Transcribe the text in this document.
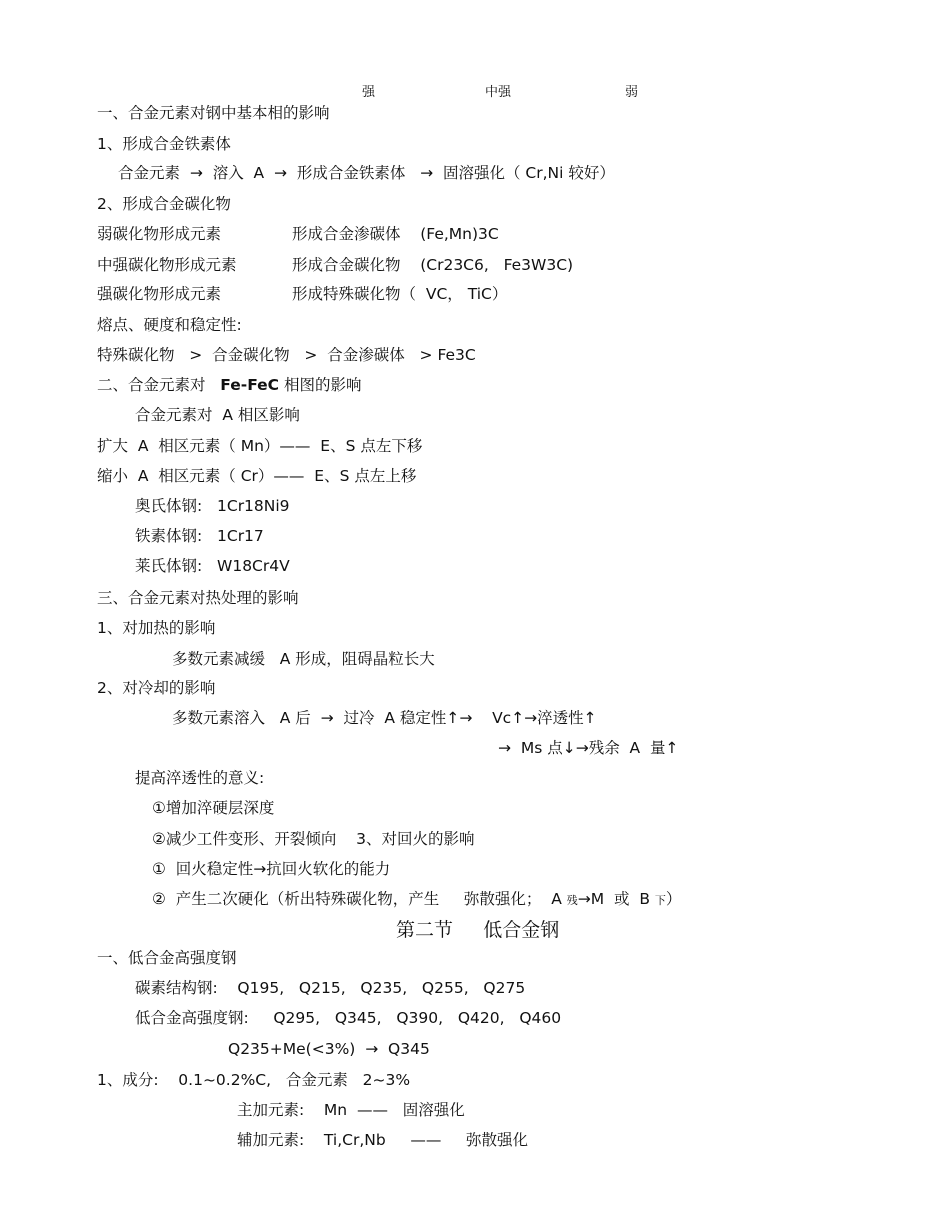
强	中强	弱
一、合金元素对钢中基本相的影响
1、形成合金铁素体
合金元素  →  溶入  A  →  形成合金铁素体   →  固溶强化（ Cr,Ni 较好）
2、形成合金碳化物
弱碳化物形成元素	形成合金渗碳体    (Fe,Mn)3C
中强碳化物形成元素	形成合金碳化物    (Cr23C6,   Fe3W3C)
强碳化物形成元素	形成特殊碳化物（  VC， TiC）
熔点、硬度和稳定性:
特殊碳化物   >  合金碳化物   >  合金渗碳体   > Fe3C
二、合金元素对   Fe-FeC 相图的影响
合金元素对  A 相区影响
扩大  A  相区元素（ Mn）——  E、S 点左下移
缩小  A  相区元素（ Cr）——  E、S 点左上移
奥氏体钢:   1Cr18Ni9
铁素体钢:   1Cr17
莱氏体钢:   W18Cr4V
三、合金元素对热处理的影响
1、对加热的影响
多数元素减缓   A 形成，阻碍晶粒长大
2、对冷却的影响
多数元素溶入   A 后  →  过冷  A 稳定性↑→    Vc↑→淬透性↑
→  Ms 点↓→残余  A  量↑
提高淬透性的意义:
①增加淬硬层深度
②减少工件变形、开裂倾向    3、对回火的影响
①  回火稳定性→抗回火软化的能力
②  产生二次硬化（析出特殊碳化物，产生     弥散强化；  A 残→M  或  B 下）
第二节     低合金钢
一、低合金高强度钢
碳素结构钢:    Q195,   Q215,   Q235,   Q255,   Q275
低合金高强度钢:     Q295,   Q345,   Q390,   Q420,   Q460
Q235+Me(<3%)  →  Q345
1、成分:    0.1~0.2%C,   合金元素   2~3%
主加元素:    Mn  ——   固溶强化
辅加元素:    Ti,Cr,Nb     ——     弥散强化
